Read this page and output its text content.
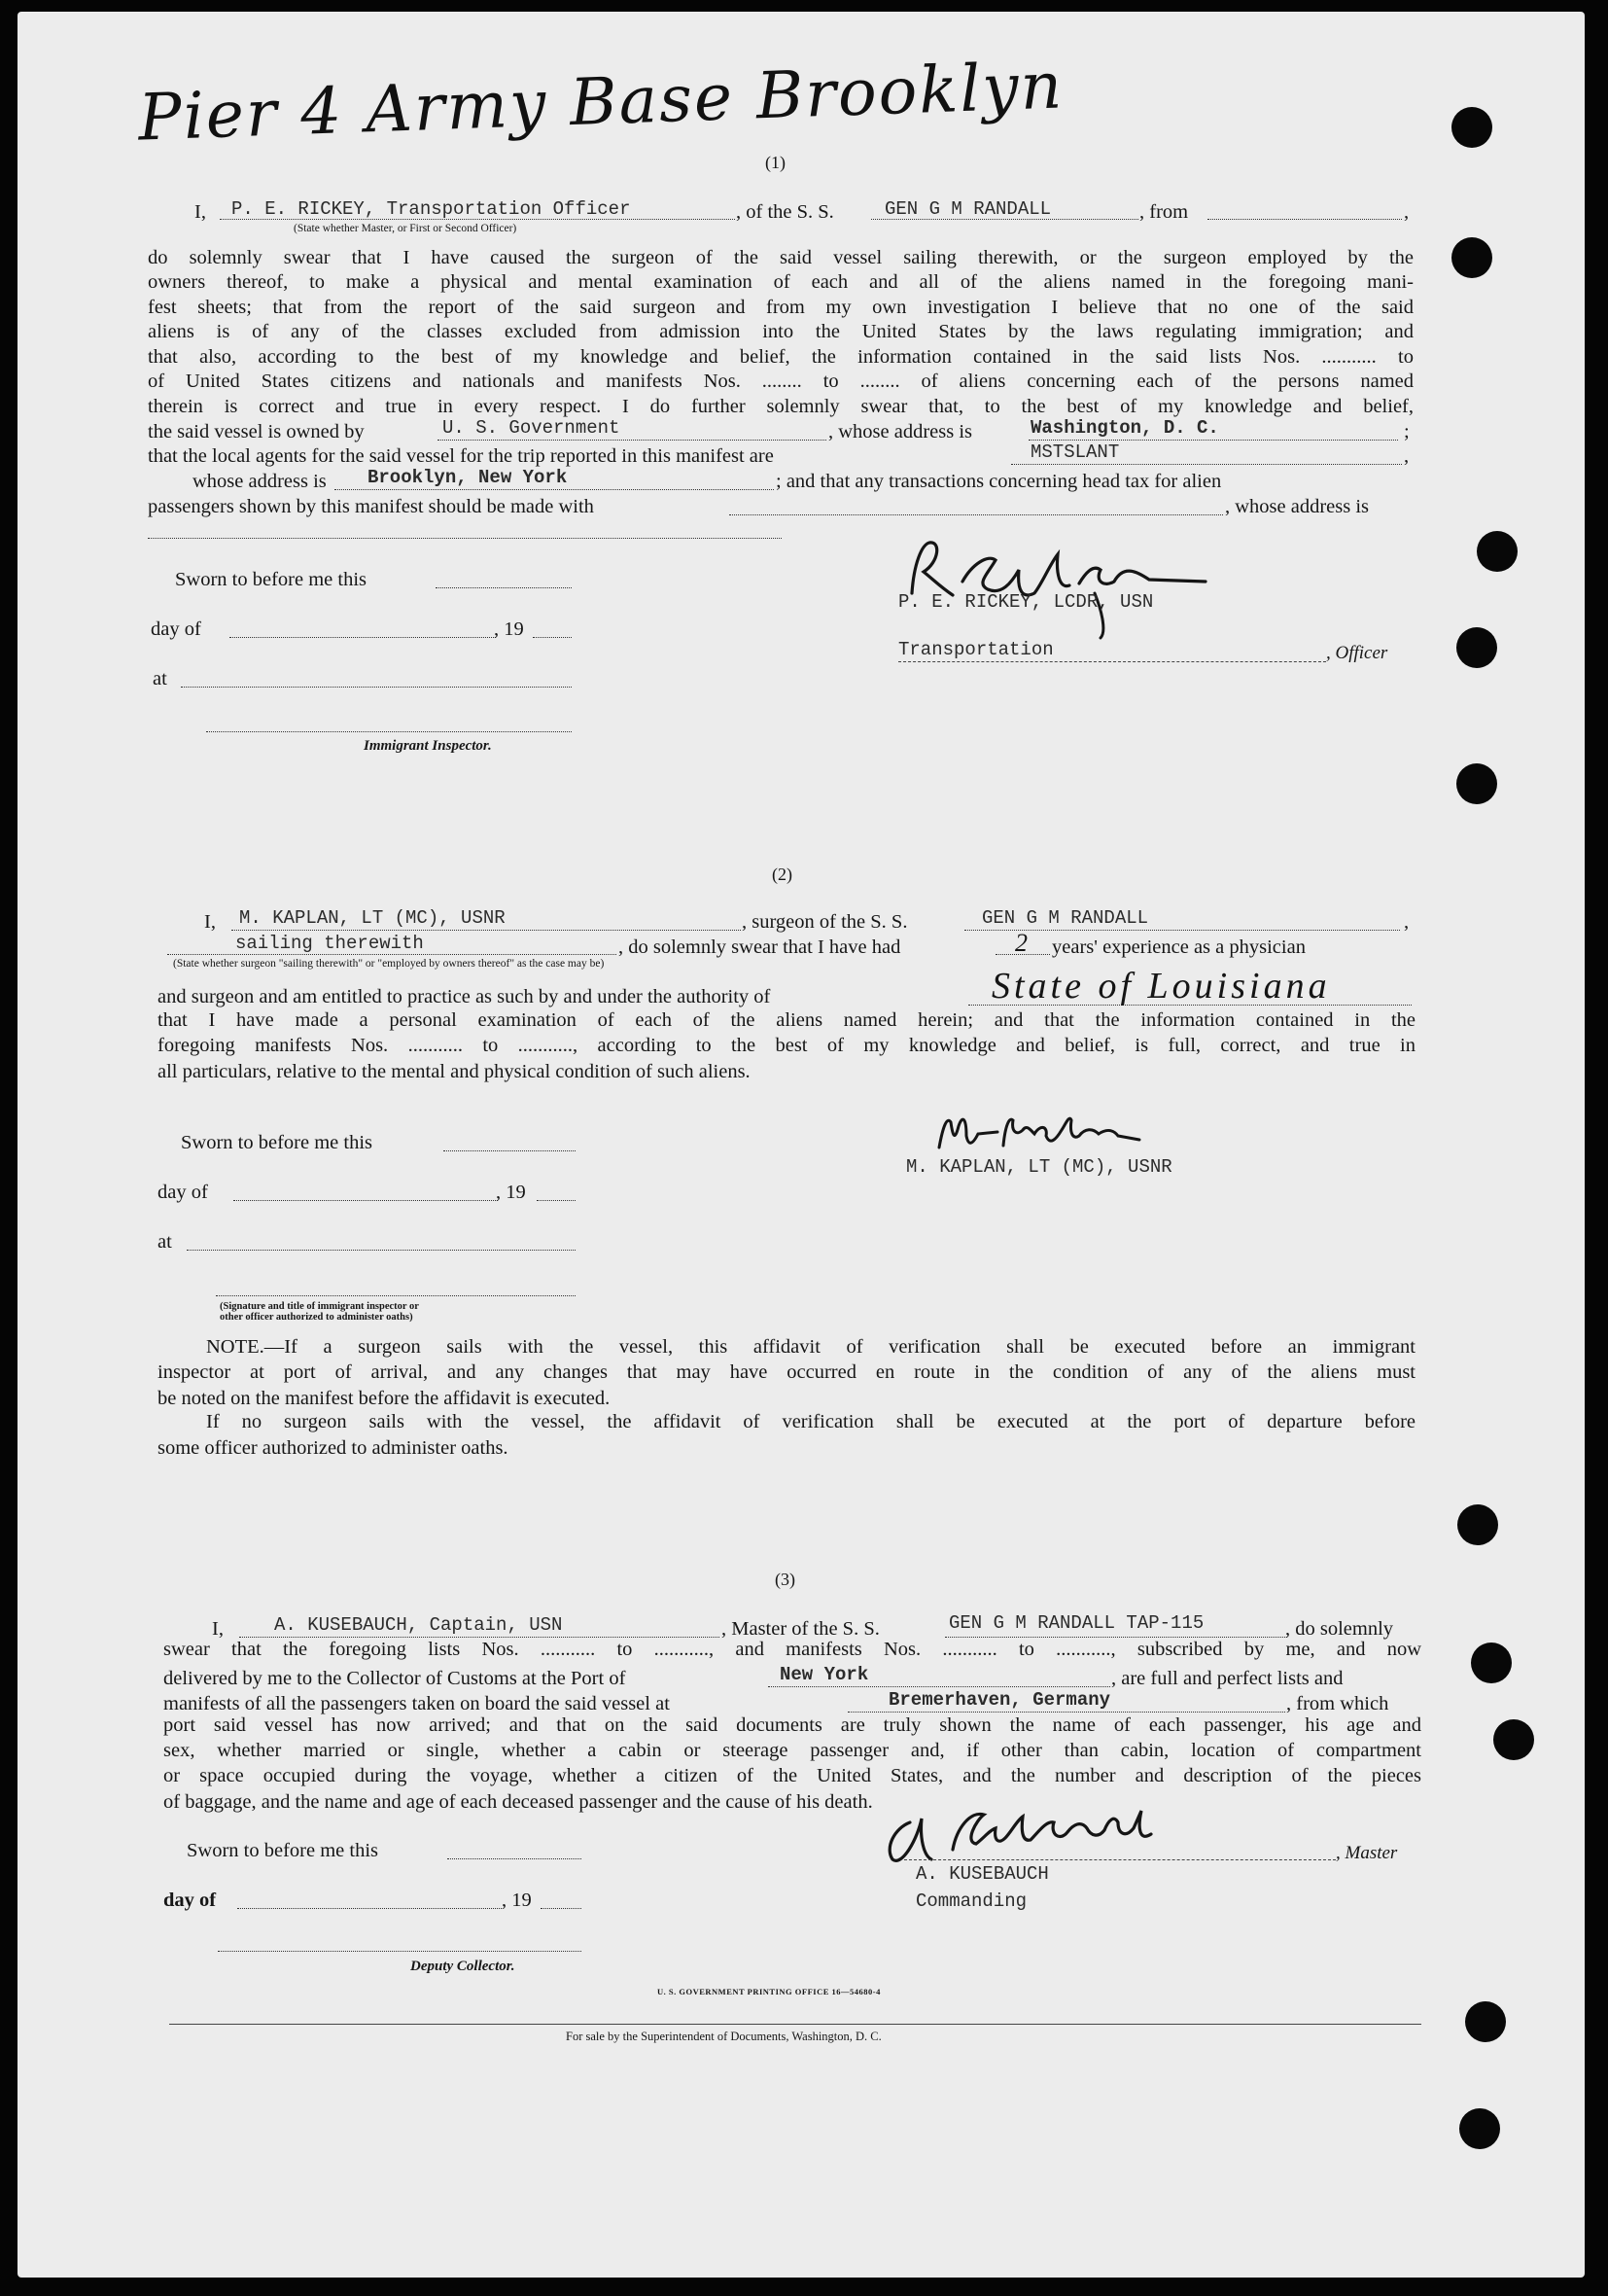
Pier 4 Army Base Brooklyn
(1)
I, P. E. RICKEY, Transportation Officer	, of the S. S.	GEN G M RANDALL	, from	,
(State whether Master, or First or Second Officer)
do solemnly swear that I have caused the surgeon of the said vessel sailing therewith, or the surgeon employed by the
owners thereof, to make a physical and mental examination of each and all of the aliens named in the foregoing mani-
fest sheets; that from the report of the said surgeon and from my own investigation I believe that no one of the said
aliens is of any of the classes excluded from admission into the United States by the laws regulating immigration; and
that also, according to the best of my knowledge and belief, the information contained in the said lists Nos. ........... to
of United States citizens and nationals and manifests Nos. ........ to ........ of aliens concerning each of the persons named
therein is correct and true in every respect. I do further solemnly swear that, to the best of my knowledge and belief,
the said vessel is owned by	U. S. Government	, whose address is	Washington, D. C.	;
that the local agents for the said vessel for the trip reported in this manifest are	MSTSLANT	,
whose address is Brooklyn, New York	; and that any transactions concerning head tax for alien
passengers shown by this manifest should be made with	, whose address is
Sworn to before me this
day of	, 19
at
Immigrant Inspector.
P. E. RICKEY, LCDR, USN
Transportation	, Officer
(2)
I, M. KAPLAN, LT (MC), USNR	, surgeon of the S. S.	GEN G M RANDALL	,
sailing therewith	, do solemnly swear that I have had	2 years' experience as a physician
(State whether surgeon "sailing therewith" or "employed by owners thereof" as the case may be)
and surgeon and am entitled to practice as such by and under the authority of	State of Louisiana
that I have made a personal examination of each of the aliens named herein; and that the information contained in the
foregoing manifests Nos. ........... to ..........., according to the best of my knowledge and belief, is full, correct, and true in
all particulars, relative to the mental and physical condition of such aliens.
Sworn to before me this
day of	, 19
at
(Signature and title of immigrant inspector or other officer authorized to administer oaths)
M. KAPLAN, LT (MC), USNR
NOTE.—If a surgeon sails with the vessel, this affidavit of verification shall be executed before an immigrant
inspector at port of arrival, and any changes that may have occurred en route in the condition of any of the aliens must
be noted on the manifest before the affidavit is executed.
If no surgeon sails with the vessel, the affidavit of verification shall be executed at the port of departure before
some officer authorized to administer oaths.
(3)
I,	A. KUSEBAUCH, Captain, USN	, Master of the S. S.	GEN G M RANDALL TAP-115	, do solemnly
swear that the foregoing lists Nos. ........... to ..........., and manifests Nos. ........... to ..........., subscribed by me, and now
delivered by me to the Collector of Customs at the Port of	New York	, are full and perfect lists and
manifests of all the passengers taken on board the said vessel at	Bremerhaven, Germany	, from which
port said vessel has now arrived; and that on the said documents are truly shown the name of each passenger, his age and
sex, whether married or single, whether a cabin or steerage passenger and, if other than cabin, location of compartment
or space occupied during the voyage, whether a citizen of the United States, and the number and description of the pieces
of baggage, and the name and age of each deceased passenger and the cause of his death.
Sworn to before me this
day of	, 19
Deputy Collector.
, Master
A. KUSEBAUCH
Commanding
U. S. GOVERNMENT PRINTING OFFICE 16—54680-4
For sale by the Superintendent of Documents, Washington, D. C.
